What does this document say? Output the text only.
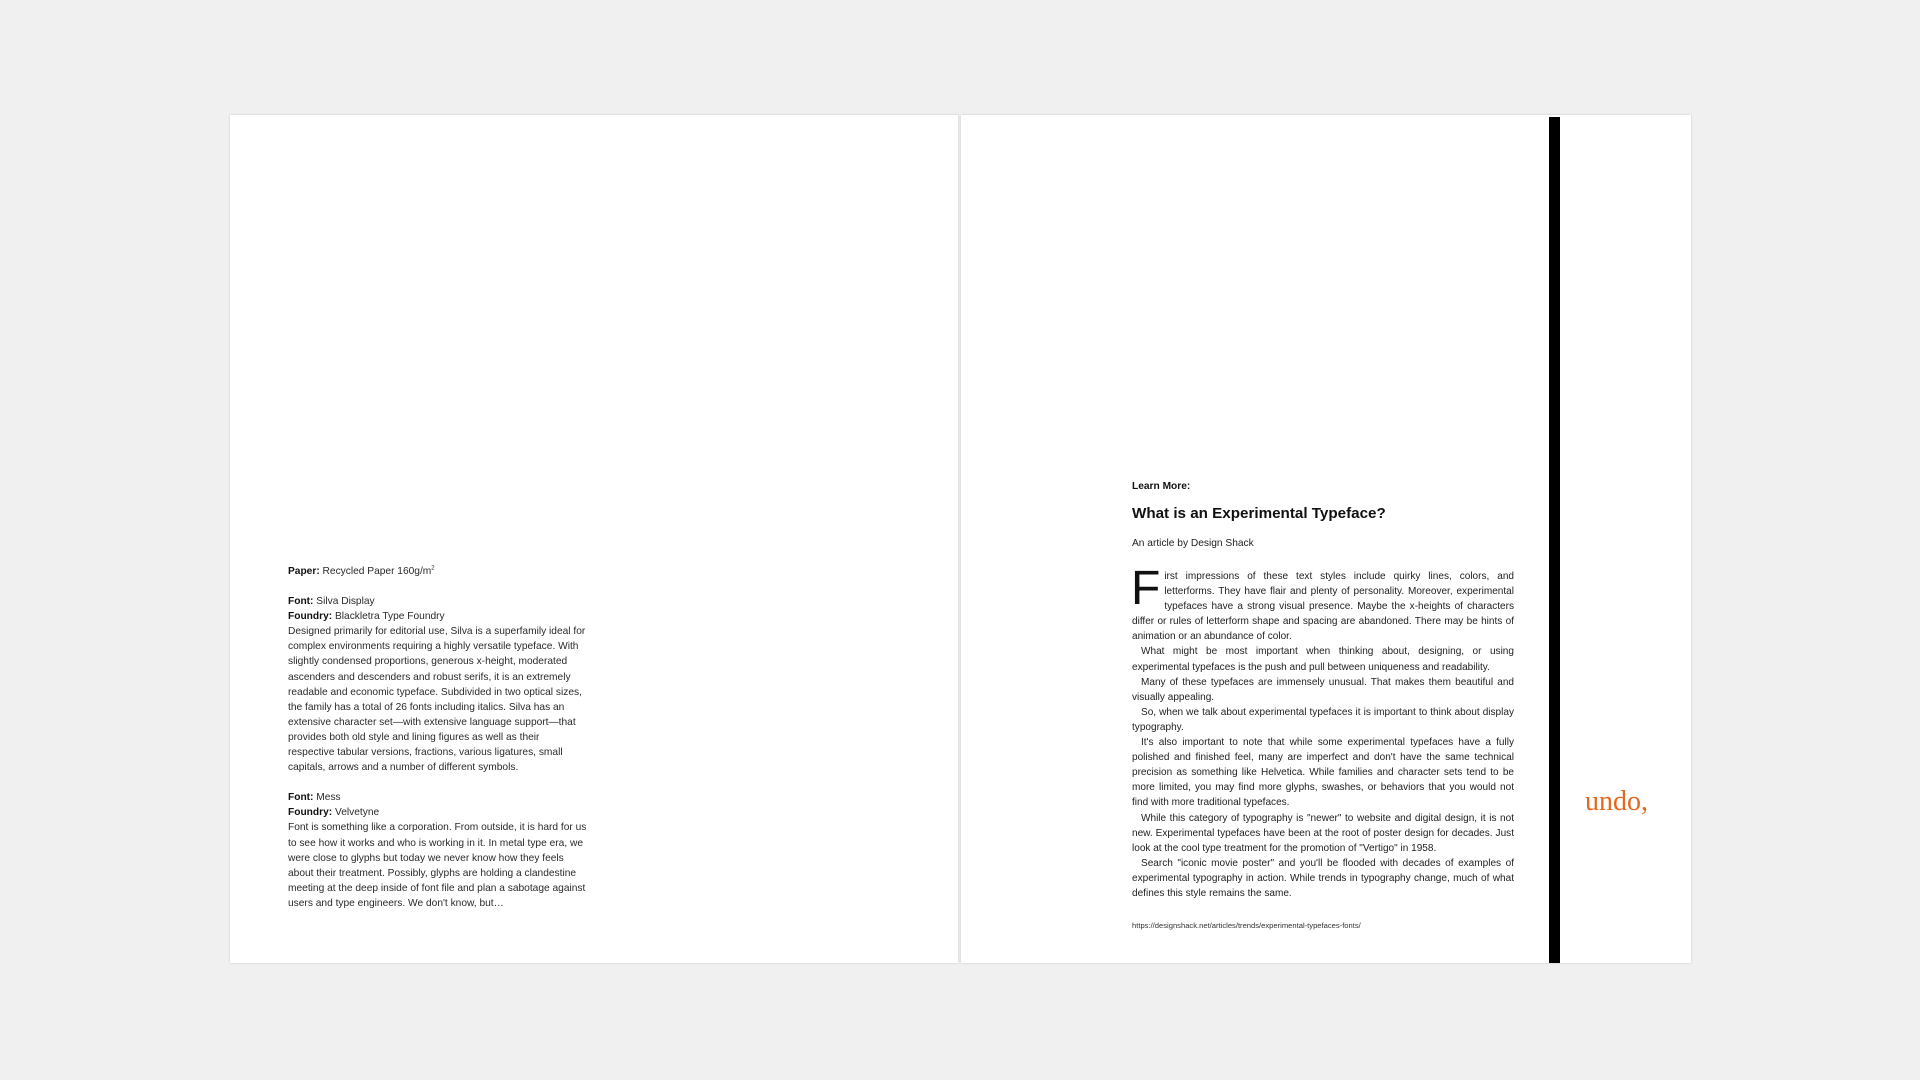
Paper: Recycled Paper $160g/m^2$

Font: Silva Display

Foundry: Blackletra Type Foundry

Designed primarily for editorial use, Silva is a superfamily ideal for complex environments requiring a highly versatile typeface. With slightly condensed proportions, generous x-height, moderated ascenders and descenders and robust serifs, it is an extremely readable and economic typeface. Subdivided in two optical sizes, the family has a total of 26 fonts including italics. Silva has an extensive character set—with extensive language support—that provides both old style and lining figures as well as their respective tabular versions, fractions, various ligatures, small capitals, arrows and a number of different symbols.

Font: Mess

Foundry: Velvetyne

Font is something like a corporation. From outside, it is hard for us to see how it works and who is working in it. In metal type era, we were close to glyphs but today we never know how they feels about their treatment. Possibly, glyphs are holding a clandestine meeting at the deep inside of font file and plan a sabotage against users and type engineers. We don't know, but…

Learn More:

What is an Experimental Typeface?

An article by Design Shack

First impressions of these text styles include quirky lines, colors, and letterforms. They have flair and plenty of personality. Moreover, experimental typefaces have a strong visual presence. Maybe the x-heights of characters differ or rules of letterform shape and spacing are abandoned. There may be hints of animation or an abundance of color.

What might be most important when thinking about, designing, or using experimental typefaces is the push and pull between uniqueness and readability.

Many of these typefaces are immensely unusual. That makes them beautiful and visually appealing.

So, when we talk about experimental typefaces it is important to think about display typography.

It's also important to note that while some experimental typefaces have a fully polished and finished feel, many are imperfect and don't have the same technical precision as something like Helvetica. While families and character sets tend to be more limited, you may find more glyphs, swashes, or behaviors that you would not find with more traditional typefaces.

While this category of typography is "newer" to website and digital design, it is not new. Experimental typefaces have been at the root of poster design for decades. Just look at the cool type treatment for the promotion of "Vertigo" in 1958.

Search "iconic movie poster" and you'll be flooded with decades of examples of experimental typography in action. While trends in typography change, much of what defines this style remains the same.

https://designshack.net/articles/trends/experimental-typefaces-fonts/
undo,
